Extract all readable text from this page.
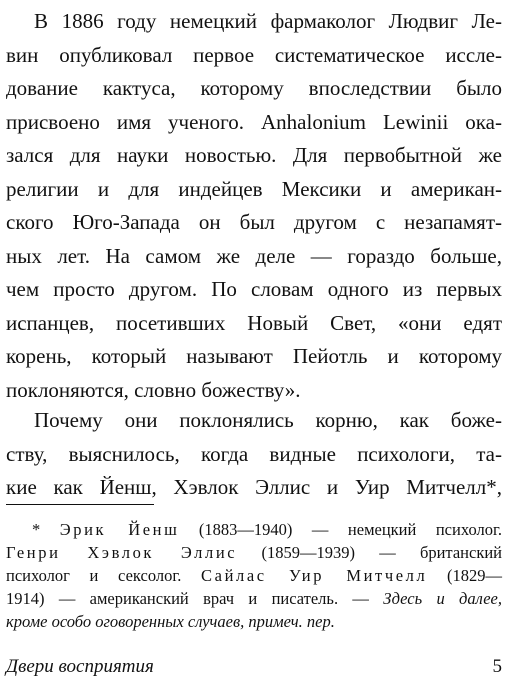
В 1886 году немецкий фармаколог Людвиг Ле-
вин опубликовал первое систематическое иссле-
дование кактуса, которому впоследствии было
присвоено имя ученого. Anhalonium Lewinii ока-
зался для науки новостью. Для первобытной же
религии и для индейцев Мексики и американ-
ского Юго-Запада он был другом с незапамят-
ных лет. На самом же деле — гораздо больше,
чем просто другом. По словам одного из первых
испанцев, посетивших Новый Свет, «они едят
корень, который называют Пейотль и которому
поклоняются, словно божеству».
Почему они поклонялись корню, как боже-
ству, выяснилось, когда видные психологи, та-
кие как Йенш, Хэвлок Эллис и Уир Митчелл*,
* Эрик Йенш (1883—1940) — немецкий психолог.
Генри Хэвлок Эллис (1859—1939) — британский
психолог и сексолог. Сайлас Уир Митчелл (1829—
1914) — американский врач и писатель. — Здесь и далее,
кроме особо оговоренных случаев, примеч. пер.
Двери восприятия	5
